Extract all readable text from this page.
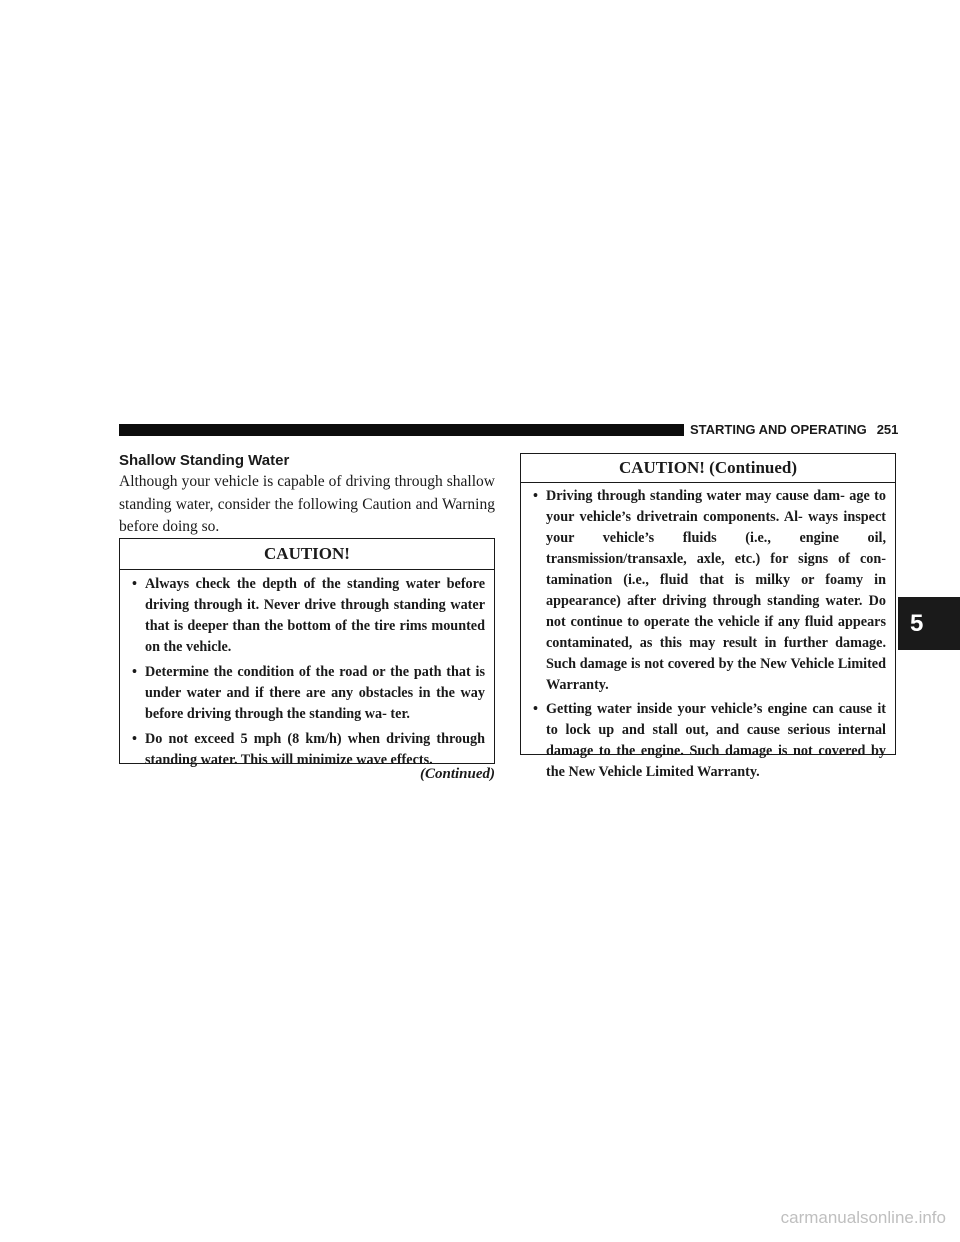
STARTING AND OPERATING 251
Shallow Standing Water
Although your vehicle is capable of driving through shallow standing water, consider the following Caution and Warning before doing so.
CAUTION!
• Always check the depth of the standing water before driving through it. Never drive through standing water that is deeper than the bottom of the tire rims mounted on the vehicle.
• Determine the condition of the road or the path that is under water and if there are any obstacles in the way before driving through the standing wa- ter.
• Do not exceed 5 mph (8 km/h) when driving through standing water. This will minimize wave effects.
(Continued)
CAUTION! (Continued)
• Driving through standing water may cause dam- age to your vehicle’s drivetrain components. Al- ways inspect your vehicle’s fluids (i.e., engine oil, transmission/transaxle, axle, etc.) for signs of con- tamination (i.e., fluid that is milky or foamy in appearance) after driving through standing water. Do not continue to operate the vehicle if any fluid appears contaminated, as this may result in further damage. Such damage is not covered by the New Vehicle Limited Warranty.
• Getting water inside your vehicle’s engine can cause it to lock up and stall out, and cause serious internal damage to the engine. Such damage is not covered by the New Vehicle Limited Warranty.
5
carmanualsonline.info
